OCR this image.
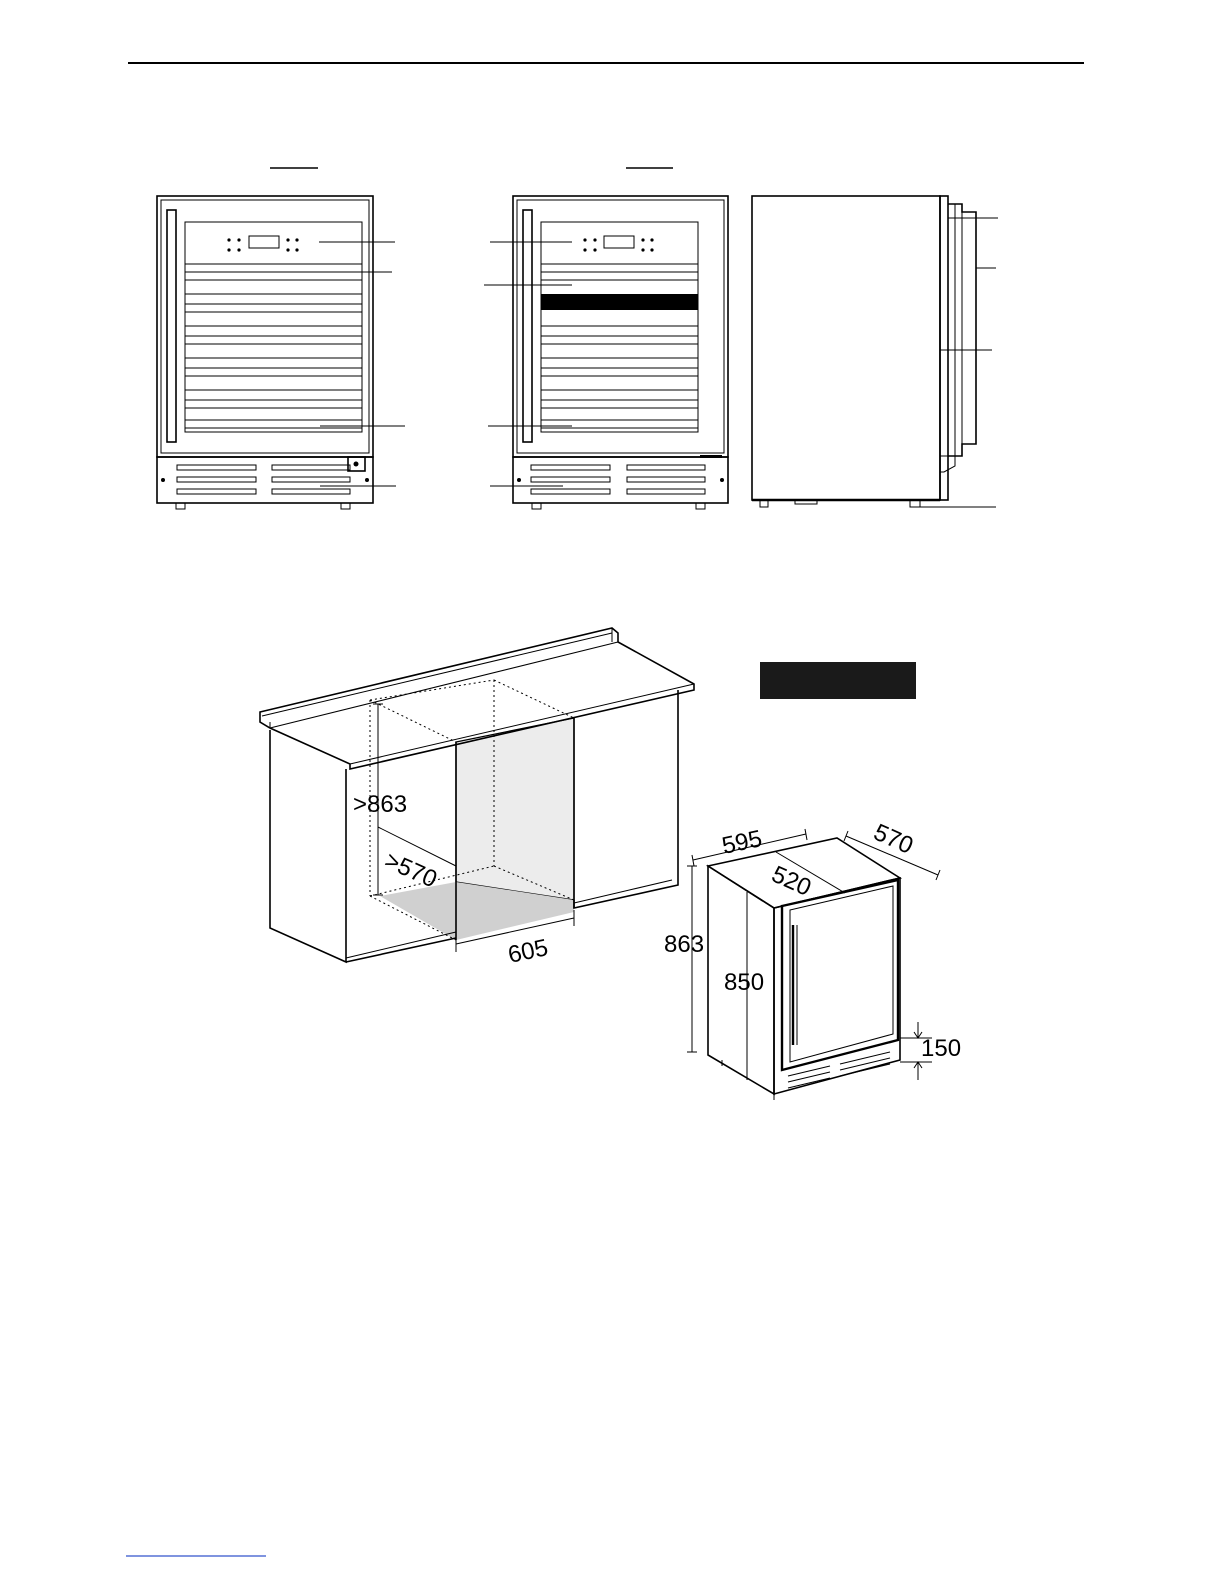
>863
>570
605
595	570
520
863
850
150
